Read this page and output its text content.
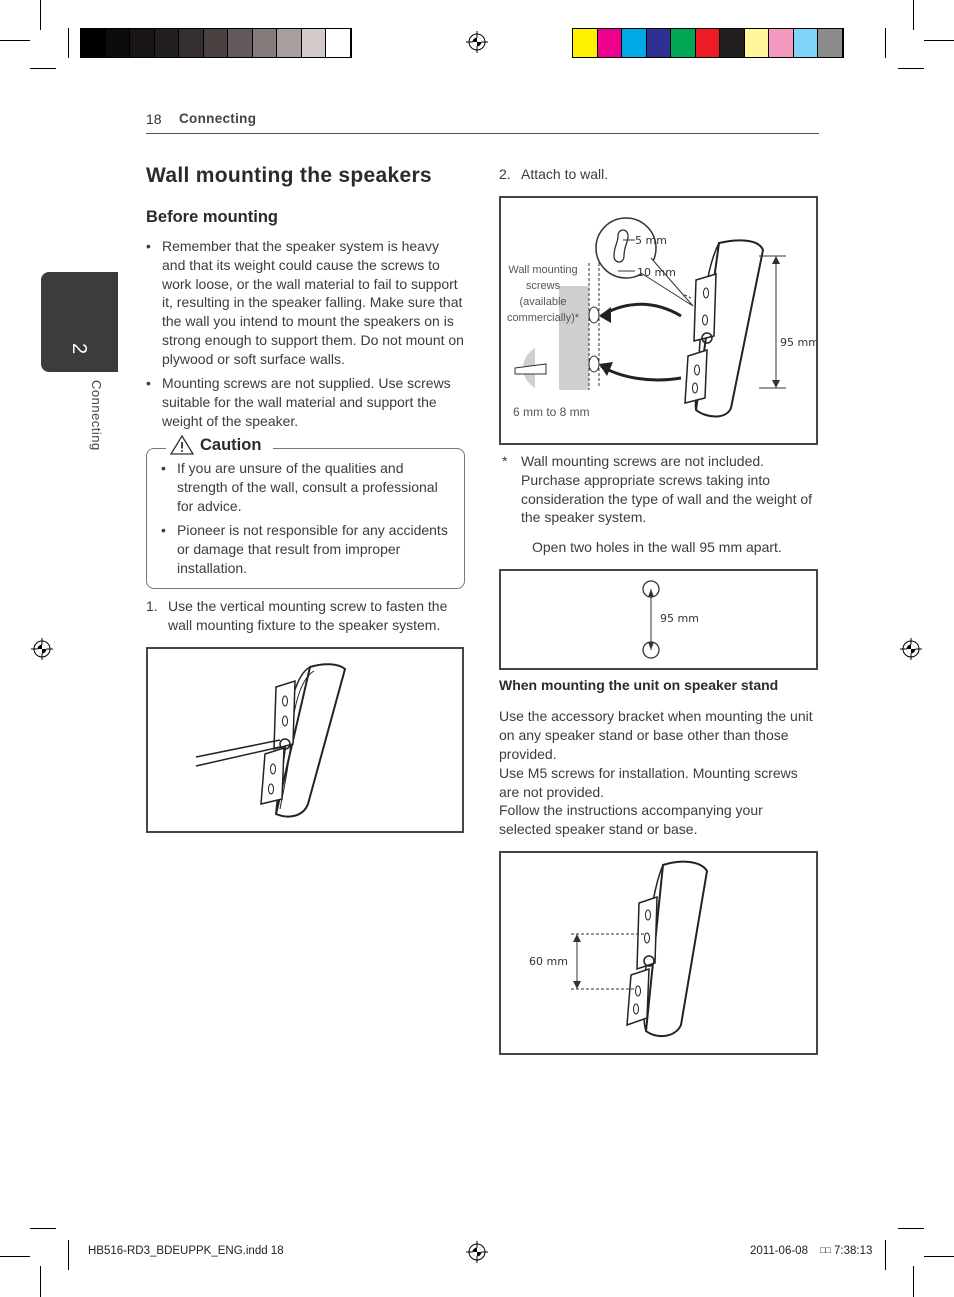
18 Connecting
2
Connecting
Wall mounting the speakers
Before mounting
• Remember that the speaker system is heavy and that its weight could cause the screws to work loose, or the wall material to fail to support it, resulting in the speaker falling. Make sure that the wall you intend to mount the speakers on is strong enough to support them. Do not mount on plywood or soft surface walls.
• Mounting screws are not supplied. Use screws suitable for the wall material and support the weight of the speaker.
Caution
• If you are unsure of the qualities and strength of the wall, consult a professional for advice.
• Pioneer is not responsible for any accidents or damage that result from improper installation.
1. Use the vertical mounting screw to fasten the wall mounting fixture to the speaker system.
2. Attach to wall.
5 mm
10 mm
95 mm
Wall mounting screws (available commercially)*
6 mm to 8 mm
* Wall mounting screws are not included. Purchase appropriate screws taking into consideration the type of wall and the weight of the speaker system.
Open two holes in the wall 95 mm apart.
95 mm
When mounting the unit on speaker stand
Use the accessory bracket when mounting the unit on any speaker stand or base other than those provided.
Use M5 screws for installation. Mounting screws are not provided.
Follow the instructions accompanying your selected speaker stand or base.
60 mm
HB516-RD3_BDEUPPK_ENG.indd 18	2011-06-08 □□ 7:38:13
